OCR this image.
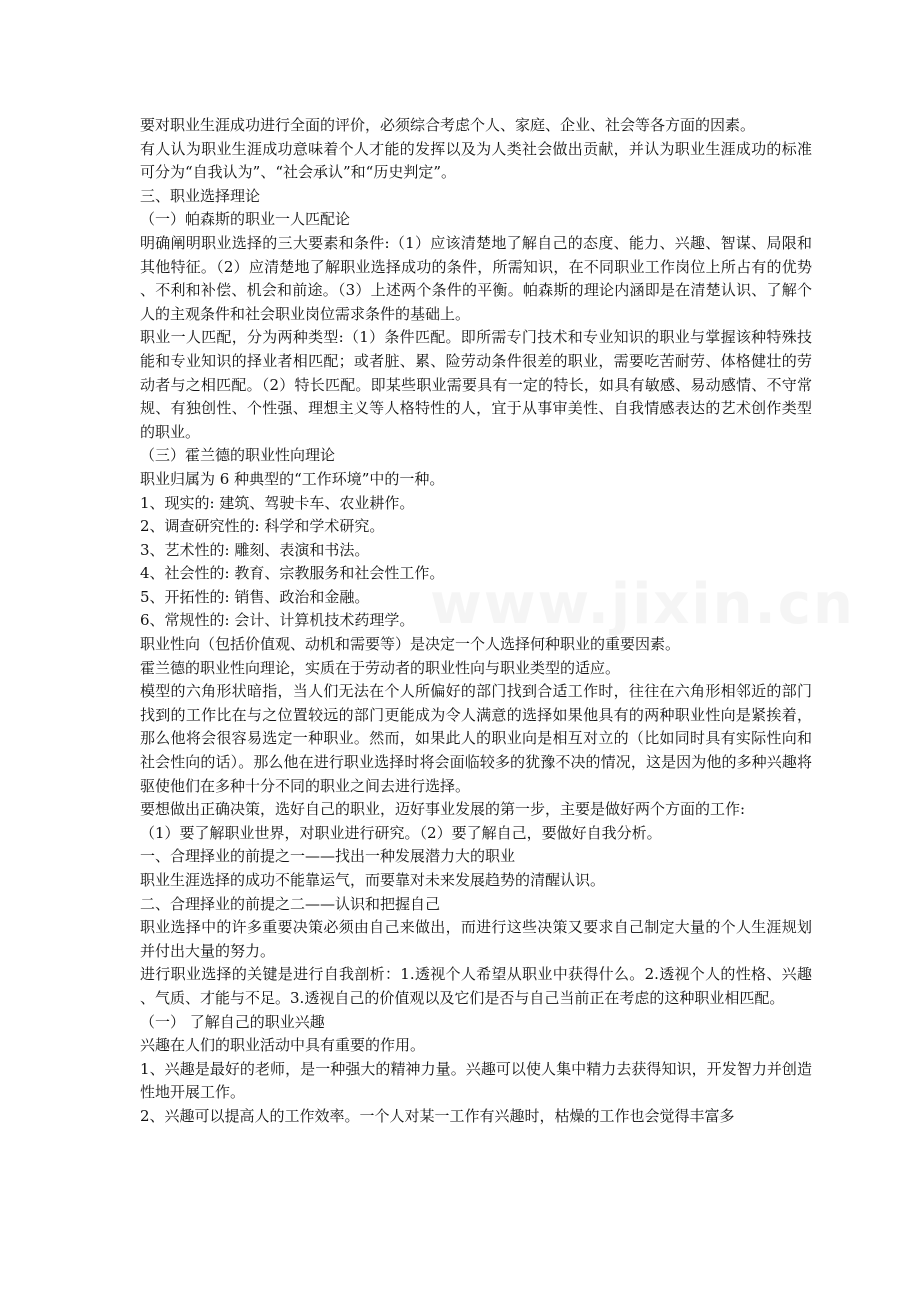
www.jixin.cn

要对职业生涯成功进行全面的评价，必须综合考虑个人、家庭、企业、社会等各方面的因素。

有人认为职业生涯成功意味着个人才能的发挥以及为人类社会做出贡献，并认为职业生涯成功的标准可分为“自我认为”、“社会承认”和“历史判定”。

三、职业选择理论

（一）帕森斯的职业一人匹配论

明确阐明职业选择的三大要素和条件:（1）应该清楚地了解自己的态度、能力、兴趣、智谋、局限和其他特征。（2）应清楚地了解职业选择成功的条件，所需知识，在不同职业工作岗位上所占有的优势、不利和补偿、机会和前途。（3）上述两个条件的平衡。帕森斯的理论内涵即是在清楚认识、了解个人的主观条件和社会职业岗位需求条件的基础上。

职业一人匹配，分为两种类型:（1）条件匹配。即所需专门技术和专业知识的职业与掌握该种特殊技能和专业知识的择业者相匹配；或者脏、累、险劳动条件很差的职业，需要吃苦耐劳、体格健壮的劳动者与之相匹配。（2）特长匹配。即某些职业需要具有一定的特长，如具有敏感、易动感情、不守常规、有独创性、个性强、理想主义等人格特性的人，宜于从事审美性、自我情感表达的艺术创作类型的职业。

（三）霍兰德的职业性向理论

职业归属为 6 种典型的“工作环境”中的一种。

1、现实的: 建筑、驾驶卡车、农业耕作。

2、调查研究性的: 科学和学术研究。

3、艺术性的: 雕刻、表演和书法。

4、社会性的: 教育、宗教服务和社会性工作。

5、开拓性的: 销售、政治和金融。

6、常规性的: 会计、计算机技术药理学。

职业性向（包括价值观、动机和需要等）是决定一个人选择何种职业的重要因素。

霍兰德的职业性向理论，实质在于劳动者的职业性向与职业类型的适应。

模型的六角形状暗指，当人们无法在个人所偏好的部门找到合适工作时，往往在六角形相邻近的部门找到的工作比在与之位置较远的部门更能成为令人满意的选择如果他具有的两种职业性向是紧挨着，那么他将会很容易选定一种职业。然而，如果此人的职业向是相互对立的（比如同时具有实际性向和社会性向的话）。那么他在进行职业选择时将会面临较多的犹豫不决的情况，这是因为他的多种兴趣将驱使他们在多种十分不同的职业之间去进行选择。

要想做出正确决策，选好自己的职业，迈好事业发展的第一步，主要是做好两个方面的工作:

（1）要了解职业世界，对职业进行研究。（2）要了解自己，要做好自我分析。

一、合理择业的前提之一——找出一种发展潜力大的职业

职业生涯选择的成功不能靠运气，而要靠对未来发展趋势的清醒认识。

二、合理择业的前提之二——认识和把握自己

职业选择中的许多重要决策必须由自己来做出，而进行这些决策又要求自己制定大量的个人生涯规划并付出大量的努力。

进行职业选择的关键是进行自我剖析：1.透视个人希望从职业中获得什么。2.透视个人的性格、兴趣、气质、才能与不足。3.透视自己的价值观以及它们是否与自己当前正在考虑的这种职业相匹配。

（一） 了解自己的职业兴趣

兴趣在人们的职业活动中具有重要的作用。

1、兴趣是最好的老师，是一种强大的精神力量。兴趣可以使人集中精力去获得知识，开发智力并创造性地开展工作。

2、兴趣可以提高人的工作效率。一个人对某一工作有兴趣时，枯燥的工作也会觉得丰富多
